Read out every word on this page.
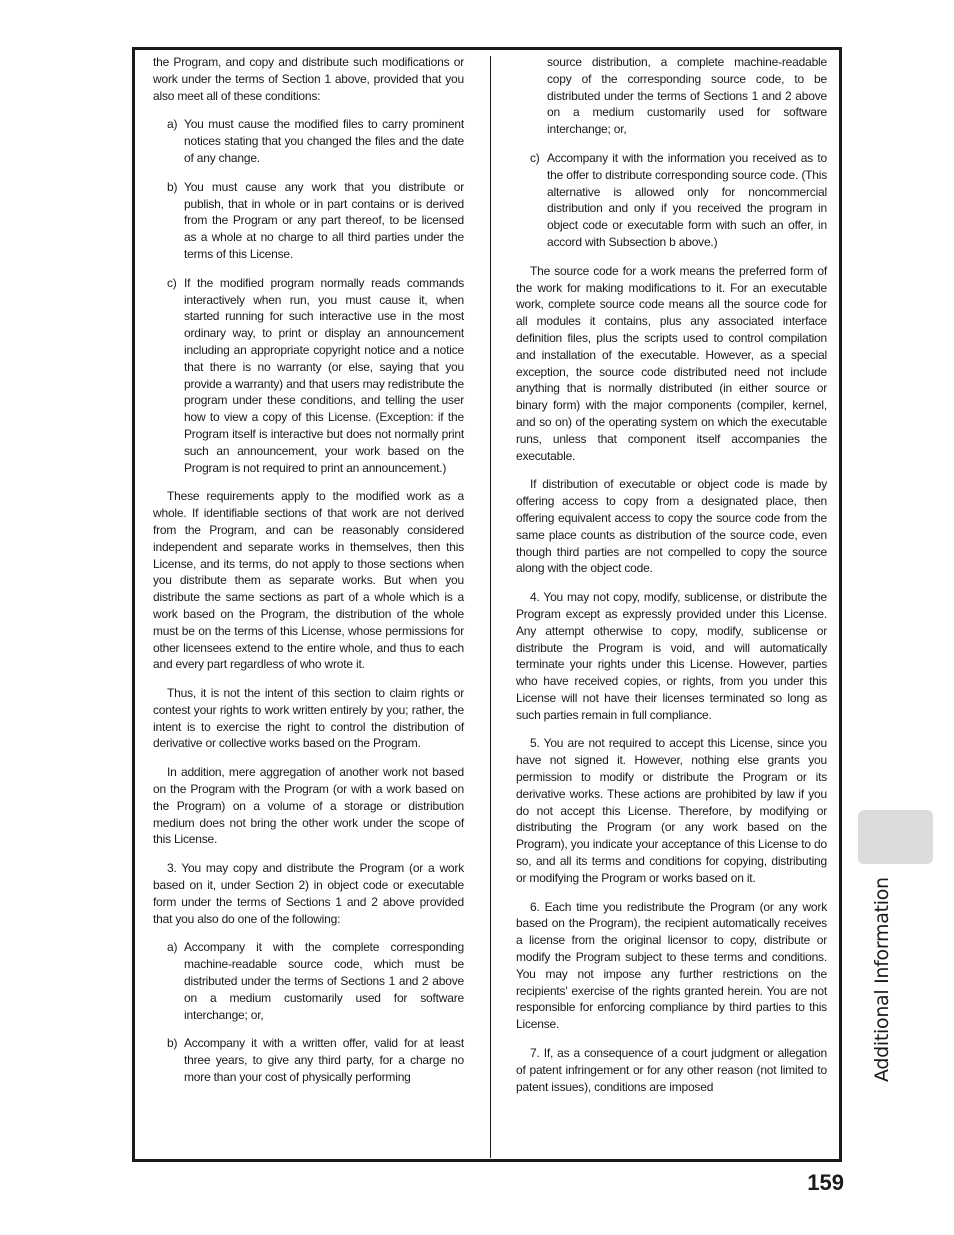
the Program, and copy and distribute such modifications or work under the terms of Section 1 above, provided that you also meet all of these conditions:

a) You must cause the modified files to carry prominent notices stating that you changed the files and the date of any change.
b) You must cause any work that you distribute or publish, that in whole or in part contains or is derived from the Program or any part thereof, to be licensed as a whole at no charge to all third parties under the terms of this License.
c) If the modified program normally reads commands interactively when run, you must cause it, when started running for such interactive use in the most ordinary way, to print or display an announcement including an appropriate copyright notice and a notice that there is no warranty (or else, saying that you provide a warranty) and that users may redistribute the program under these conditions, and telling the user how to view a copy of this License. (Exception: if the Program itself is interactive but does not normally print such an announcement, your work based on the Program is not required to print an announcement.)

These requirements apply to the modified work as a whole. If identifiable sections of that work are not derived from the Program, and can be reasonably considered independent and separate works in themselves, then this License, and its terms, do not apply to those sections when you distribute them as separate works. But when you distribute the same sections as part of a whole which is a work based on the Program, the distribution of the whole must be on the terms of this License, whose permissions for other licensees extend to the entire whole, and thus to each and every part regardless of who wrote it.

Thus, it is not the intent of this section to claim rights or contest your rights to work written entirely by you; rather, the intent is to exercise the right to control the distribution of derivative or collective works based on the Program.

In addition, mere aggregation of another work not based on the Program with the Program (or with a work based on the Program) on a volume of a storage or distribution medium does not bring the other work under the scope of this License.

3. You may copy and distribute the Program (or a work based on it, under Section 2) in object code or executable form under the terms of Sections 1 and 2 above provided that you also do one of the following:

a) Accompany it with the complete corresponding machine-readable source code, which must be distributed under the terms of Sections 1 and 2 above on a medium customarily used for software interchange; or,
b) Accompany it with a written offer, valid for at least three years, to give any third party, for a charge no more than your cost of physically performing
source distribution, a complete machine-readable copy of the corresponding source code, to be distributed under the terms of Sections 1 and 2 above on a medium customarily used for software interchange; or,
c) Accompany it with the information you received as to the offer to distribute corresponding source code. (This alternative is allowed only for noncommercial distribution and only if you received the program in object code or executable form with such an offer, in accord with Subsection b above.)

The source code for a work means the preferred form of the work for making modifications to it. For an executable work, complete source code means all the source code for all modules it contains, plus any associated interface definition files, plus the scripts used to control compilation and installation of the executable. However, as a special exception, the source code distributed need not include anything that is normally distributed (in either source or binary form) with the major components (compiler, kernel, and so on) of the operating system on which the executable runs, unless that component itself accompanies the executable.

If distribution of executable or object code is made by offering access to copy from a designated place, then offering equivalent access to copy the source code from the same place counts as distribution of the source code, even though third parties are not compelled to copy the source along with the object code.

4. You may not copy, modify, sublicense, or distribute the Program except as expressly provided under this License. Any attempt otherwise to copy, modify, sublicense or distribute the Program is void, and will automatically terminate your rights under this License. However, parties who have received copies, or rights, from you under this License will not have their licenses terminated so long as such parties remain in full compliance.

5. You are not required to accept this License, since you have not signed it. However, nothing else grants you permission to modify or distribute the Program or its derivative works. These actions are prohibited by law if you do not accept this License. Therefore, by modifying or distributing the Program (or any work based on the Program), you indicate your acceptance of this License to do so, and all its terms and conditions for copying, distributing or modifying the Program or works based on it.

6. Each time you redistribute the Program (or any work based on the Program), the recipient automatically receives a license from the original licensor to copy, distribute or modify the Program subject to these terms and conditions. You may not impose any further restrictions on the recipients' exercise of the rights granted herein. You are not responsible for enforcing compliance by third parties to this License.

7. If, as a consequence of a court judgment or allegation of patent infringement or for any other reason (not limited to patent issues), conditions are imposed

Additional Information
159
